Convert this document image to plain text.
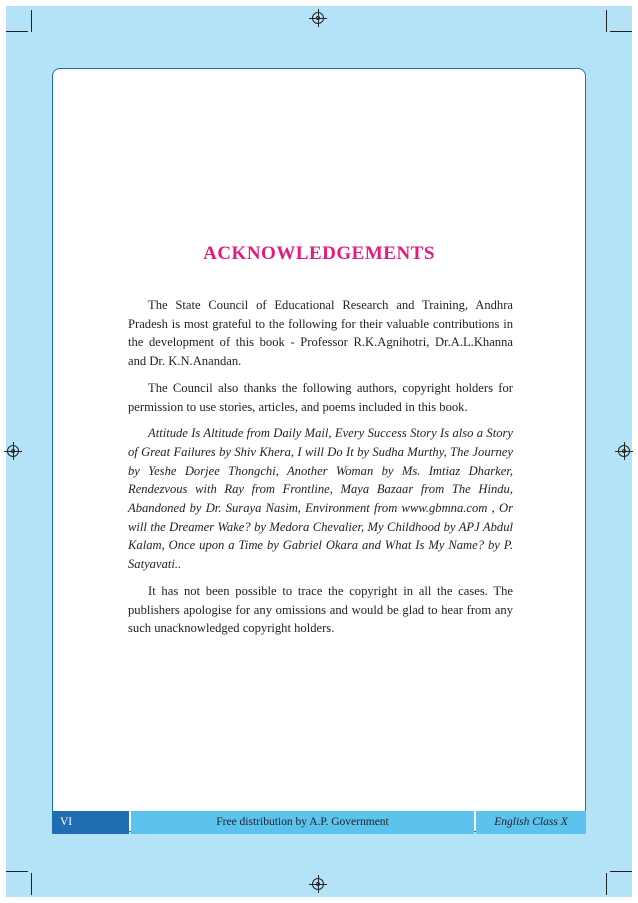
ACKNOWLEDGEMENTS

The State Council of Educational Research and Training, Andhra Pradesh is most grateful to the following for their valuable contributions in the development of this book - Professor R.K.Agnihotri, Dr.A.L.Khanna and Dr. K.N.Anandan.

The Council also thanks the following authors, copyright holders for permission to use stories, articles, and poems included in this book.

Attitude Is Altitude from Daily Mail, Every Success Story Is also a Story of Great Failures by Shiv Khera, I will Do It by Sudha Murthy, The Journey by Yeshe Dorjee Thongchi, Another Woman by Ms. Imtiaz Dharker, Rendezvous with Ray from Frontline, Maya Bazaar from The Hindu, Abandoned by Dr. Suraya Nasim, Environment from www.gbmna.com , Or will the Dreamer Wake? by Medora Chevalier, My Childhood by APJ Abdul Kalam, Once upon a Time by Gabriel Okara and What Is My Name? by P. Satyavati..

It has not been possible to trace the copyright in all the cases. The publishers apologise for any omissions and would be glad to hear from any such unacknowledged copyright holders.

VI	Free distribution by A.P. Government	English Class X
